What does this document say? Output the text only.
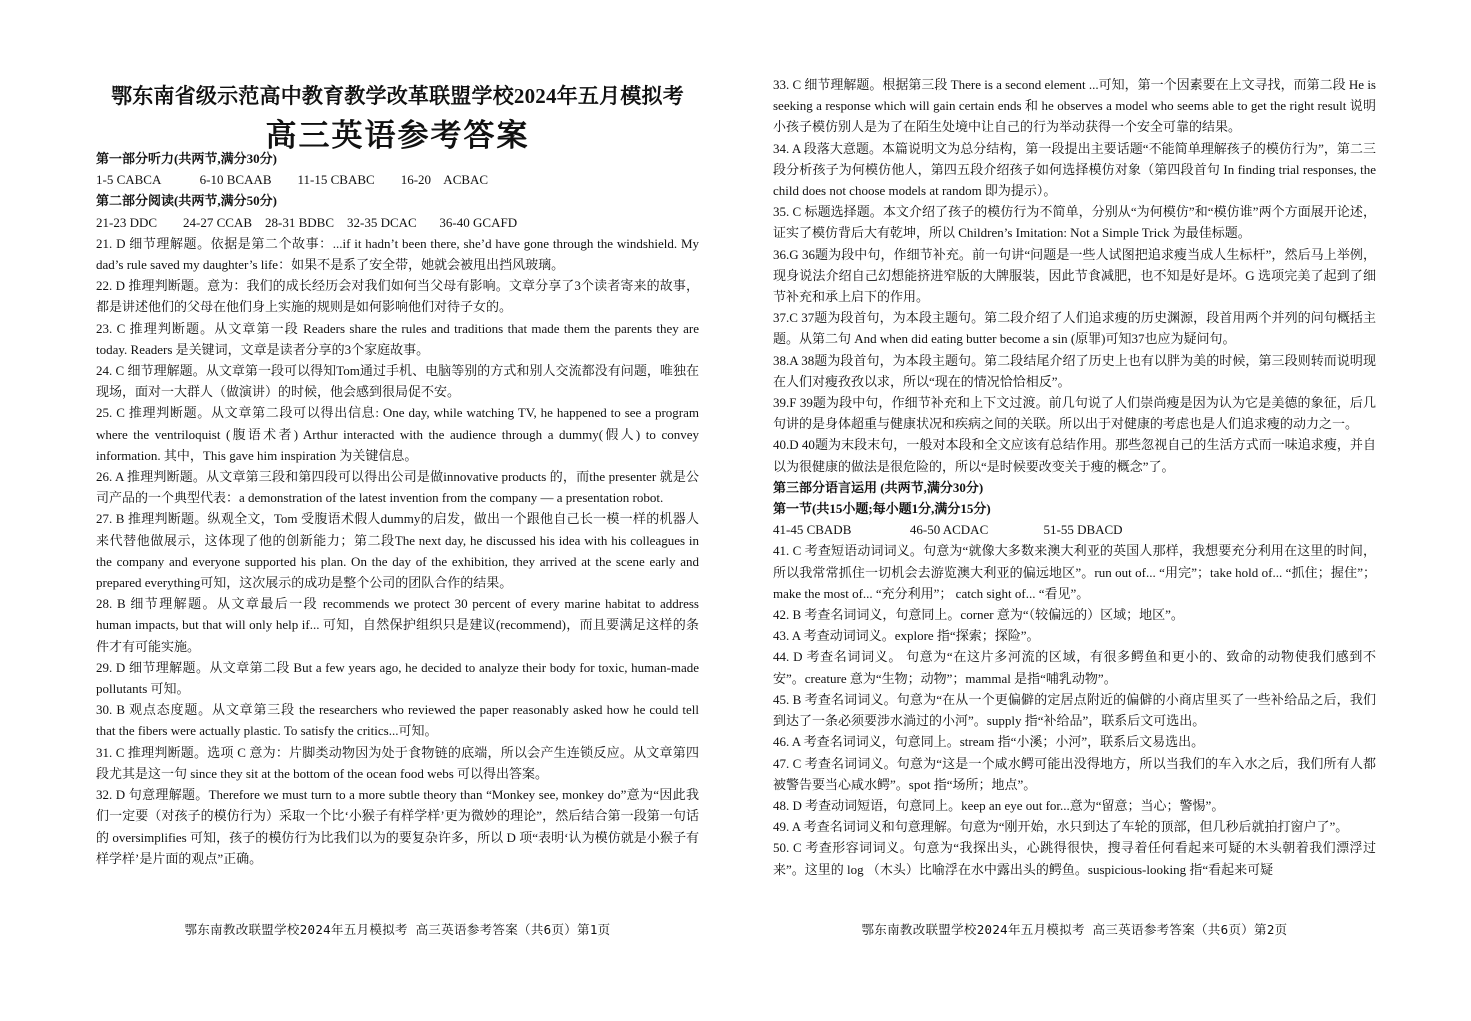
鄂东南省级示范高中教育教学改革联盟学校2024年五月模拟考
高三英语参考答案

第一部分听力(共两节,满分30分)

1-5 CABCA            6-10 BCAAB        11-15 CBABC        16-20    ACBAC

第二部分阅读(共两节,满分50分)

21-23 DDC        24-27 CCAB    28-31 BDBC    32-35 DCAC       36-40 GCAFD

21. D 细节理解题。依据是第二个故事：...if it hadn’t been there, she’d have gone through the windshield. My dad’s rule saved my daughter’s life：如果不是系了安全带，她就会被甩出挡风玻璃。

22. D 推理判断题。意为：我们的成长经历会对我们如何当父母有影响。文章分享了3个读者寄来的故事，都是讲述他们的父母在他们身上实施的规则是如何影响他们对待子女的。

23. C 推理判断题。从文章第一段 Readers share the rules and traditions that made them the parents they are today. Readers 是关键词，文章是读者分享的3个家庭故事。

24. C 细节理解题。从文章第一段可以得知Tom通过手机、电脑等别的方式和别人交流都没有问题，唯独在现场，面对一大群人（做演讲）的时候，他会感到很局促不安。

25. C 推理判断题。从文章第二段可以得出信息: One day, while watching TV, he happened to see a program where the ventriloquist (腹语术者) Arthur interacted with the audience through a dummy(假人) to convey information. 其中，This gave him inspiration 为关键信息。

26. A 推理判断题。从文章第三段和第四段可以得出公司是做innovative products 的，而the presenter 就是公司产品的一个典型代表：a demonstration of the latest invention from the company — a presentation robot.

27. B 推理判断题。纵观全文，Tom 受腹语术假人dummy的启发，做出一个跟他自己长一模一样的机器人来代替他做展示，这体现了他的创新能力；第二段The next day, he discussed his idea with his colleagues in the company and everyone supported his plan. On the day of the exhibition, they arrived at the scene early and prepared everything可知，这次展示的成功是整个公司的团队合作的结果。

28. B 细节理解题。从文章最后一段 recommends we protect 30 percent of every marine habitat to address human impacts, but that will only help if... 可知，自然保护组织只是建议(recommend)，而且要满足这样的条件才有可能实施。

29. D 细节理解题。从文章第二段 But a few years ago, he decided to analyze their body for toxic, human-made pollutants 可知。

30. B 观点态度题。从文章第三段 the researchers who reviewed the paper reasonably asked how he could tell that the fibers were actually plastic. To satisfy the critics...可知。

31. C 推理判断题。选项 C 意为：片脚类动物因为处于食物链的底端，所以会产生连锁反应。从文章第四段尤其是这一句 since they sit at the bottom of the ocean food webs 可以得出答案。

32. D 句意理解题。Therefore we must turn to a more subtle theory than “Monkey see, monkey do”意为“因此我们一定要（对孩子的模仿行为）采取一个比‘小猴子有样学样’更为微妙的理论”，然后结合第一段第一句话的 oversimplifies 可知，孩子的模仿行为比我们以为的要复杂许多，所以 D 项“表明‘认为模仿就是小猴子有样学样’是片面的观点”正确。

33. C 细节理解题。根据第三段 There is a second element ...可知，第一个因素要在上文寻找，而第二段 He is seeking a response which will gain certain ends 和 he observes a model who seems able to get the right result 说明小孩子模仿别人是为了在陌生处境中让自己的行为举动获得一个安全可靠的结果。

34. A 段落大意题。本篇说明文为总分结构，第一段提出主要话题“不能简单理解孩子的模仿行为”，第二三段分析孩子为何模仿他人，第四五段介绍孩子如何选择模仿对象（第四段首句 In finding trial responses, the child does not choose models at random 即为提示）。

35. C 标题选择题。本文介绍了孩子的模仿行为不简单，分别从“为何模仿”和“模仿谁”两个方面展开论述，证实了模仿背后大有乾坤，所以 Children’s Imitation: Not a Simple Trick 为最佳标题。

36.G 36题为段中句，作细节补充。前一句讲“问题是一些人试图把追求瘦当成人生标杆”，然后马上举例，现身说法介绍自己幻想能挤进窄版的大牌服装，因此节食减肥，也不知是好是坏。G 选项完美了起到了细节补充和承上启下的作用。

37.C 37题为段首句，为本段主题句。第二段介绍了人们追求瘦的历史渊源，段首用两个并列的问句概括主题。从第二句 And when did eating butter become a sin (原罪)可知37也应为疑问句。

38.A 38题为段首句，为本段主题句。第二段结尾介绍了历史上也有以胖为美的时候，第三段则转而说明现在人们对瘦孜孜以求，所以“现在的情况恰恰相反”。

39.F 39题为段中句，作细节补充和上下文过渡。前几句说了人们崇尚瘦是因为认为它是美德的象征，后几句讲的是身体超重与健康状况和疾病之间的关联。所以出于对健康的考虑也是人们追求瘦的动力之一。

40.D 40题为末段末句，一般对本段和全文应该有总结作用。那些忽视自己的生活方式而一味追求瘦，并自以为很健康的做法是很危险的，所以“是时候要改变关于瘦的概念”了。

第三部分语言运用 (共两节,满分30分)

第一节(共15小题;每小题1分,满分15分)

41-45 CBADB                  46-50 ACDAC                 51-55 DBACD

41. C 考查短语动词词义。句意为“就像大多数来澳大利亚的英国人那样，我想要充分利用在这里的时间，所以我常常抓住一切机会去游览澳大利亚的偏远地区”。run out of... “用完”；take hold of... “抓住；握住”； make the most of... “充分利用”； catch sight of... “看见”。

42. B 考查名词词义，句意同上。corner 意为“（较偏远的）区域；地区”。

43. A 考查动词词义。explore 指“探索；探险”。

44. D 考查名词词义。 句意为“在这片多河流的区域，有很多鳄鱼和更小的、致命的动物使我们感到不安”。creature 意为“生物；动物”；mammal 是指“哺乳动物”。

45. B 考查名词词义。句意为“在从一个更偏僻的定居点附近的偏僻的小商店里买了一些补给品之后，我们到达了一条必须要涉水淌过的小河”。supply 指“补给品”，联系后文可选出。

46. A 考查名词词义，句意同上。stream 指“小溪；小河”，联系后文易选出。

47. C 考查名词词义。句意为“这是一个咸水鳄可能出没得地方，所以当我们的车入水之后，我们所有人都被警告要当心咸水鳄”。spot 指“场所；地点”。

48. D 考查动词短语，句意同上。keep an eye out for...意为“留意；当心；警惕”。

49. A 考查名词词义和句意理解。句意为“刚开始，水只到达了车轮的顶部，但几秒后就拍打窗户了”。

50. C 考查形容词词义。句意为“我探出头，心跳得很快，搜寻着任何看起来可疑的木头朝着我们漂浮过来”。这里的 log （木头）比喻浮在水中露出头的鳄鱼。suspicious-looking 指“看起来可疑

鄂东南教改联盟学校2024年五月模拟考 高三英语参考答案（共6页）第1页	鄂东南教改联盟学校2024年五月模拟考 高三英语参考答案（共6页）第2页
